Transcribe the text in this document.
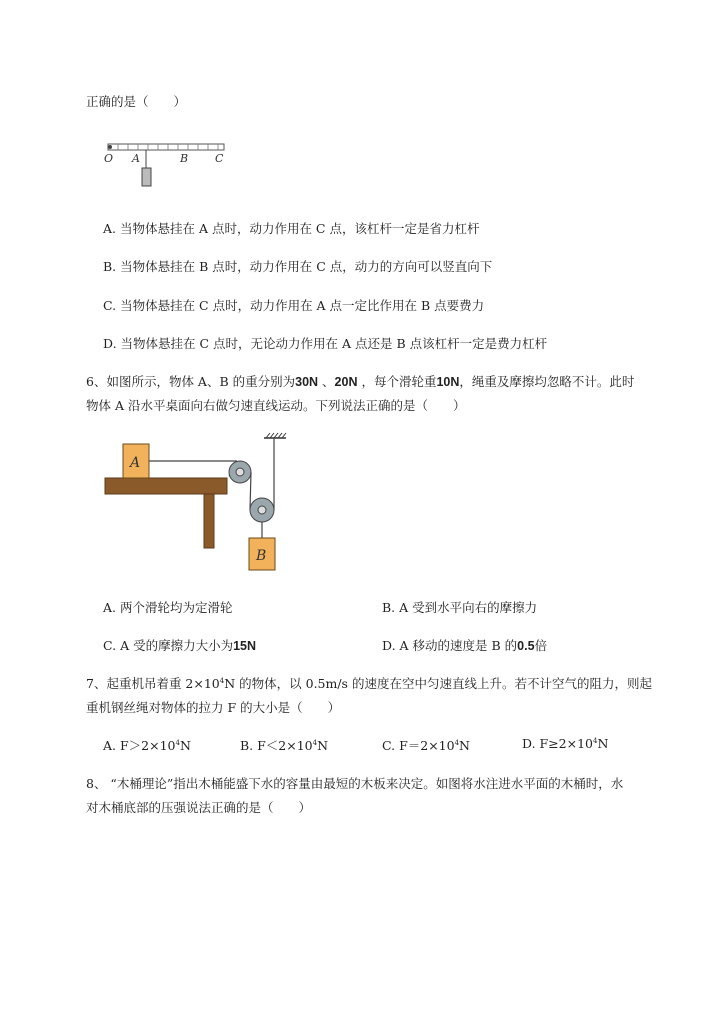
正确的是（　　）
O A	B C
A. 当物体悬挂在 A 点时，动力作用在 C 点，该杠杆一定是省力杠杆
B. 当物体悬挂在 B 点时，动力作用在 C 点，动力的方向可以竖直向下
C. 当物体悬挂在 C 点时，动力作用在 A 点一定比作用在 B 点要费力
D. 当物体悬挂在 C 点时，无论动力作用在 A 点还是 B 点该杠杆一定是费力杠杆
6、如图所示，物体 A、B 的重分别为30N 、20N ，每个滑轮重10N，绳重及摩擦均忽略不计。此时
物体 A 沿水平桌面向右做匀速直线运动。下列说法正确的是（　　）
A
B
A. 两个滑轮均为定滑轮	B. A 受到水平向右的摩擦力
C. A 受的摩擦力大小为15N	D. A 移动的速度是 B 的0.5倍
7、起重机吊着重 $2\times 10^4N$ 的物体，以 0.5m/s 的速度在空中匀速直线上升。若不计空气的阻力，则起
重机钢丝绳对物体的拉力 F 的大小是（　　）
A. $F>2\times 10^4N$	B. $F<2\times 10^4N$	C. $F=2\times 10^4N$	D. $F\ge 2\times 10^4N$
8、 “木桶理论”指出木桶能盛下水的容量由最短的木板来决定。如图将水注进水平面的木桶时，水
对木桶底部的压强说法正确的是（　　）
